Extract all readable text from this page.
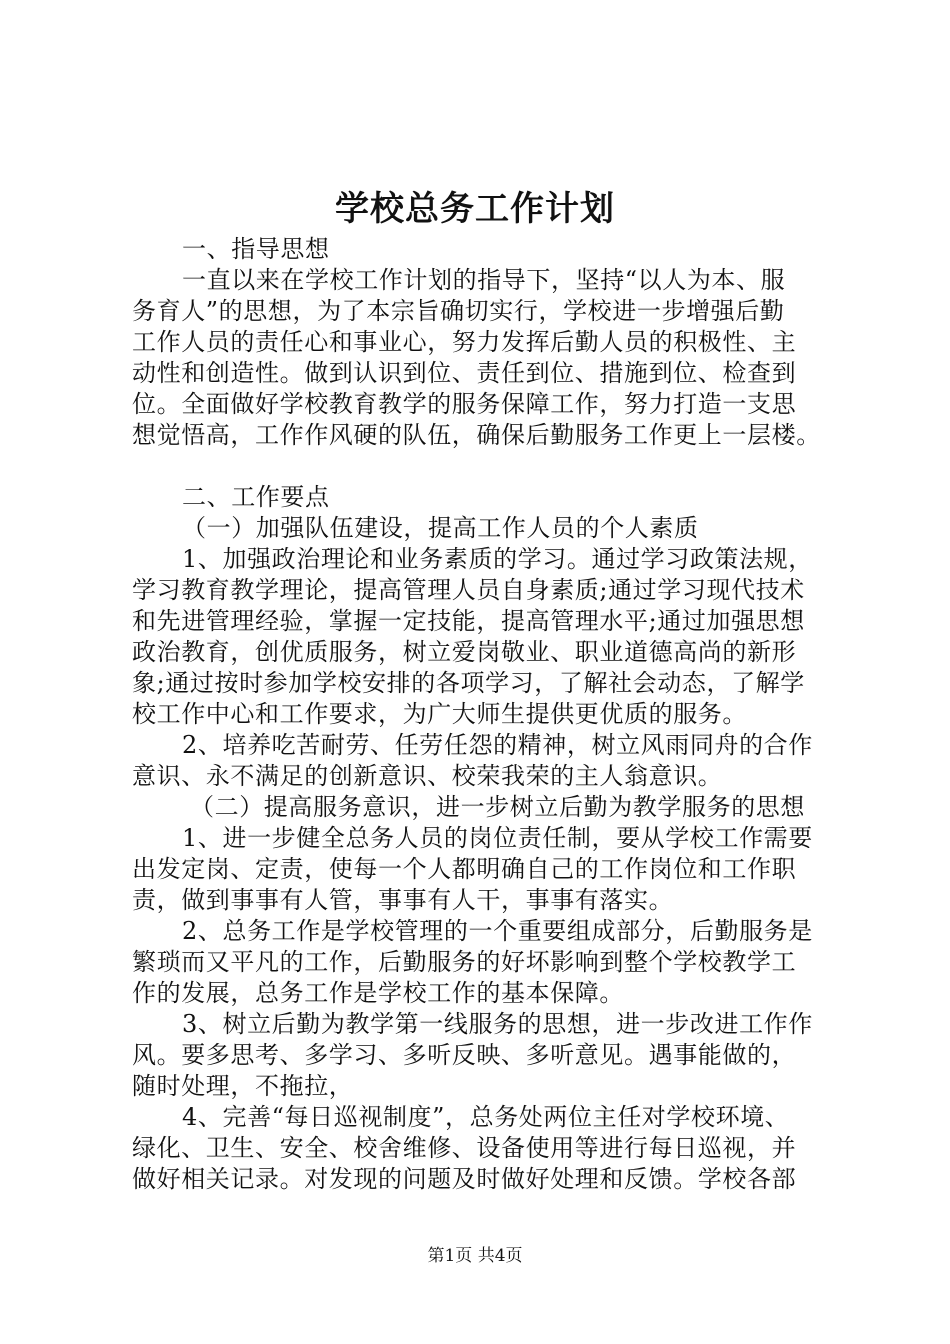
学校总务工作计划
一、指导思想
一直以来在学校工作计划的指导下，坚持“以人为本、服
务育人”的思想，为了本宗旨确切实行，学校进一步增强后勤
工作人员的责任心和事业心，努力发挥后勤人员的积极性、主
动性和创造性。做到认识到位、责任到位、措施到位、检查到
位。全面做好学校教育教学的服务保障工作，努力打造一支思
想觉悟高，工作作风硬的队伍，确保后勤服务工作更上一层楼。
二、工作要点
（一）加强队伍建设，提高工作人员的个人素质
1、加强政治理论和业务素质的学习。通过学习政策法规，
学习教育教学理论，提高管理人员自身素质;通过学习现代技术
和先进管理经验，掌握一定技能，提高管理水平;通过加强思想
政治教育，创优质服务，树立爱岗敬业、职业道德高尚的新形
象;通过按时参加学校安排的各项学习，了解社会动态，了解学
校工作中心和工作要求，为广大师生提供更优质的服务。
2、培养吃苦耐劳、任劳任怨的精神，树立风雨同舟的合作
意识、永不满足的创新意识、校荣我荣的主人翁意识。
（二）提高服务意识，进一步树立后勤为教学服务的思想
1、进一步健全总务人员的岗位责任制，要从学校工作需要
出发定岗、定责，使每一个人都明确自己的工作岗位和工作职
责，做到事事有人管，事事有人干，事事有落实。
2、总务工作是学校管理的一个重要组成部分，后勤服务是
繁琐而又平凡的工作，后勤服务的好坏影响到整个学校教学工
作的发展，总务工作是学校工作的基本保障。
3、树立后勤为教学第一线服务的思想，进一步改进工作作
风。要多思考、多学习、多听反映、多听意见。遇事能做的，
随时处理，不拖拉，
4、完善“每日巡视制度”，总务处两位主任对学校环境、
绿化、卫生、安全、校舍维修、设备使用等进行每日巡视，并
做好相关记录。对发现的问题及时做好处理和反馈。学校各部
第1页 共4页
